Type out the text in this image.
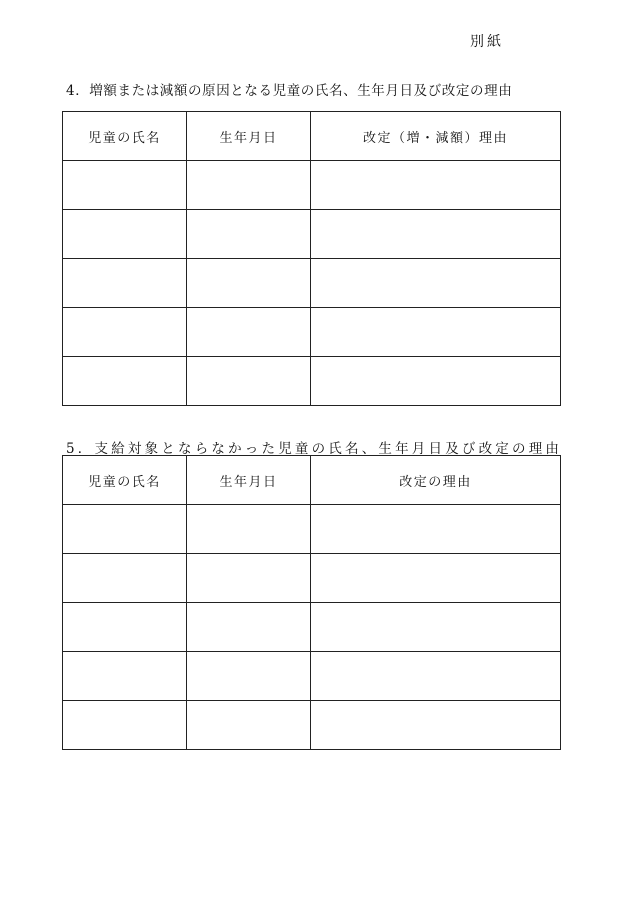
別紙
4．増額または減額の原因となる児童の氏名、生年月日及び改定の理由
児童の氏名	生年月日	改定（増・減額）理由

5．支給対象とならなかった児童の氏名、生年月日及び改定の理由
児童の氏名	生年月日	改定の理由
